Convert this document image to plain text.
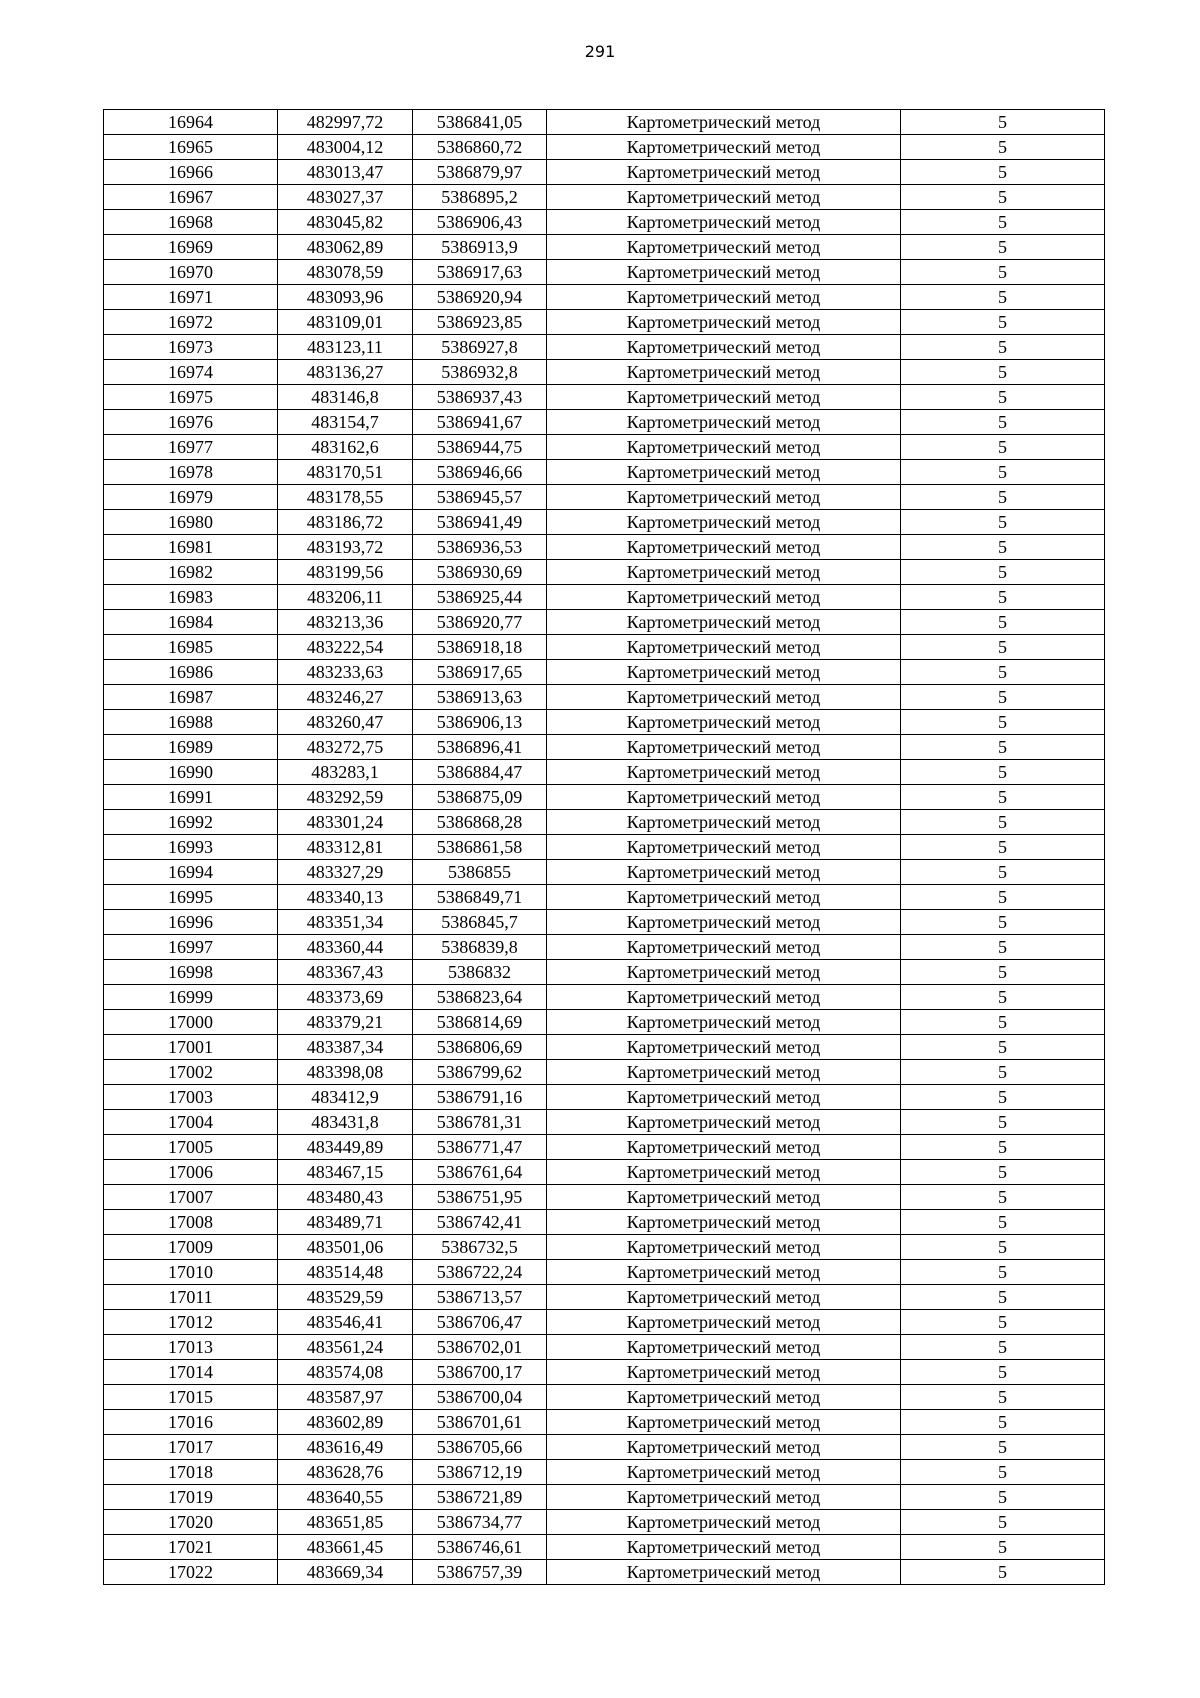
291
16964	482997,72	5386841,05	Картометрический метод	5
16965	483004,12	5386860,72	Картометрический метод	5
16966	483013,47	5386879,97	Картометрический метод	5
16967	483027,37	5386895,2	Картометрический метод	5
16968	483045,82	5386906,43	Картометрический метод	5
16969	483062,89	5386913,9	Картометрический метод	5
16970	483078,59	5386917,63	Картометрический метод	5
16971	483093,96	5386920,94	Картометрический метод	5
16972	483109,01	5386923,85	Картометрический метод	5
16973	483123,11	5386927,8	Картометрический метод	5
16974	483136,27	5386932,8	Картометрический метод	5
16975	483146,8	5386937,43	Картометрический метод	5
16976	483154,7	5386941,67	Картометрический метод	5
16977	483162,6	5386944,75	Картометрический метод	5
16978	483170,51	5386946,66	Картометрический метод	5
16979	483178,55	5386945,57	Картометрический метод	5
16980	483186,72	5386941,49	Картометрический метод	5
16981	483193,72	5386936,53	Картометрический метод	5
16982	483199,56	5386930,69	Картометрический метод	5
16983	483206,11	5386925,44	Картометрический метод	5
16984	483213,36	5386920,77	Картометрический метод	5
16985	483222,54	5386918,18	Картометрический метод	5
16986	483233,63	5386917,65	Картометрический метод	5
16987	483246,27	5386913,63	Картометрический метод	5
16988	483260,47	5386906,13	Картометрический метод	5
16989	483272,75	5386896,41	Картометрический метод	5
16990	483283,1	5386884,47	Картометрический метод	5
16991	483292,59	5386875,09	Картометрический метод	5
16992	483301,24	5386868,28	Картометрический метод	5
16993	483312,81	5386861,58	Картометрический метод	5
16994	483327,29	5386855	Картометрический метод	5
16995	483340,13	5386849,71	Картометрический метод	5
16996	483351,34	5386845,7	Картометрический метод	5
16997	483360,44	5386839,8	Картометрический метод	5
16998	483367,43	5386832	Картометрический метод	5
16999	483373,69	5386823,64	Картометрический метод	5
17000	483379,21	5386814,69	Картометрический метод	5
17001	483387,34	5386806,69	Картометрический метод	5
17002	483398,08	5386799,62	Картометрический метод	5
17003	483412,9	5386791,16	Картометрический метод	5
17004	483431,8	5386781,31	Картометрический метод	5
17005	483449,89	5386771,47	Картометрический метод	5
17006	483467,15	5386761,64	Картометрический метод	5
17007	483480,43	5386751,95	Картометрический метод	5
17008	483489,71	5386742,41	Картометрический метод	5
17009	483501,06	5386732,5	Картометрический метод	5
17010	483514,48	5386722,24	Картометрический метод	5
17011	483529,59	5386713,57	Картометрический метод	5
17012	483546,41	5386706,47	Картометрический метод	5
17013	483561,24	5386702,01	Картометрический метод	5
17014	483574,08	5386700,17	Картометрический метод	5
17015	483587,97	5386700,04	Картометрический метод	5
17016	483602,89	5386701,61	Картометрический метод	5
17017	483616,49	5386705,66	Картометрический метод	5
17018	483628,76	5386712,19	Картометрический метод	5
17019	483640,55	5386721,89	Картометрический метод	5
17020	483651,85	5386734,77	Картометрический метод	5
17021	483661,45	5386746,61	Картометрический метод	5
17022	483669,34	5386757,39	Картометрический метод	5
